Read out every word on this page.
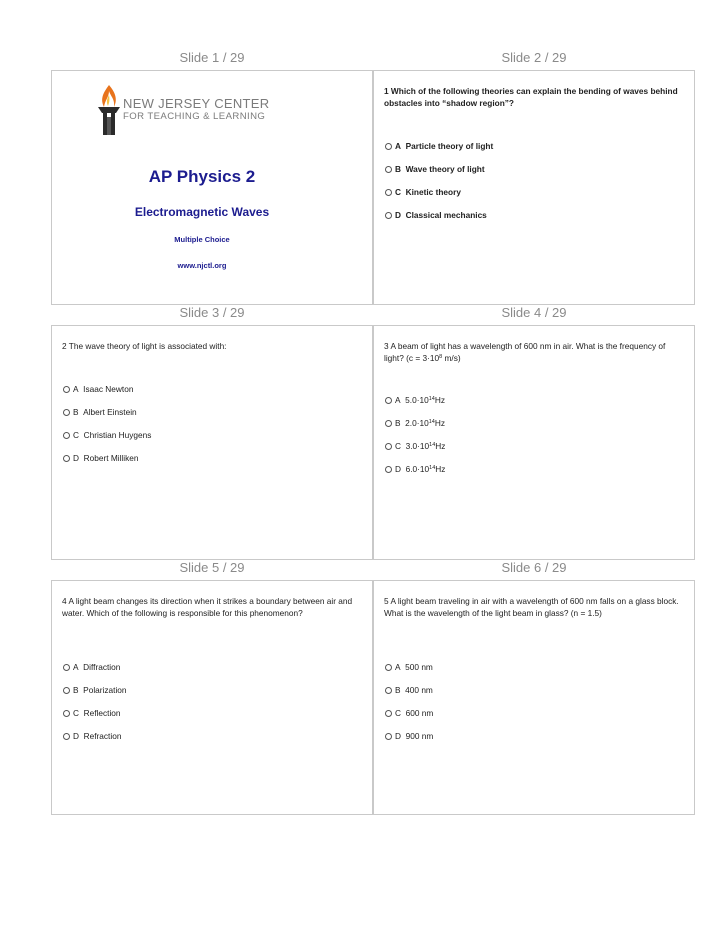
Slide 1 / 29	Slide 2 / 29
NEW JERSEY CENTER
FOR TEACHING & LEARNING
AP Physics 2
Electromagnetic Waves
Multiple Choice
www.njctl.org
1 Which of the following theories can explain the bending of waves behind obstacles into “shadow region”?
A
Particle theory of light
B
Wave theory of light
C
Kinetic theory
D
Classical mechanics
Slide 3 / 29	Slide 4 / 29
2 The wave theory of light is associated with:
A
Isaac Newton
B
Albert Einstein
C
Christian Huygens
D
Robert Milliken
3 A beam of light has a wavelength of 600 nm in air. What is the frequency of light? ($c = 3\cdot 10^8$ m/s)
A
$5.0\cdot 10^{14}$ Hz
B
$2.0\cdot 10^{14}$ Hz
C
$3.0\cdot 10^{14}$ Hz
D
$6.0\cdot 10^{14}$ Hz
Slide 5 / 29	Slide 6 / 29
4 A light beam changes its direction when it strikes a boundary between air and water. Which of the following is responsible for this phenomenon?
A
Diffraction
B
Polarization
C
Reflection
D
Refraction
5 A light beam traveling in air with a wavelength of 600 nm falls on a glass block. What is the wavelength of the light beam in glass? (n = 1.5)
A
500 nm
B
400 nm
C
600 nm
D
900 nm
